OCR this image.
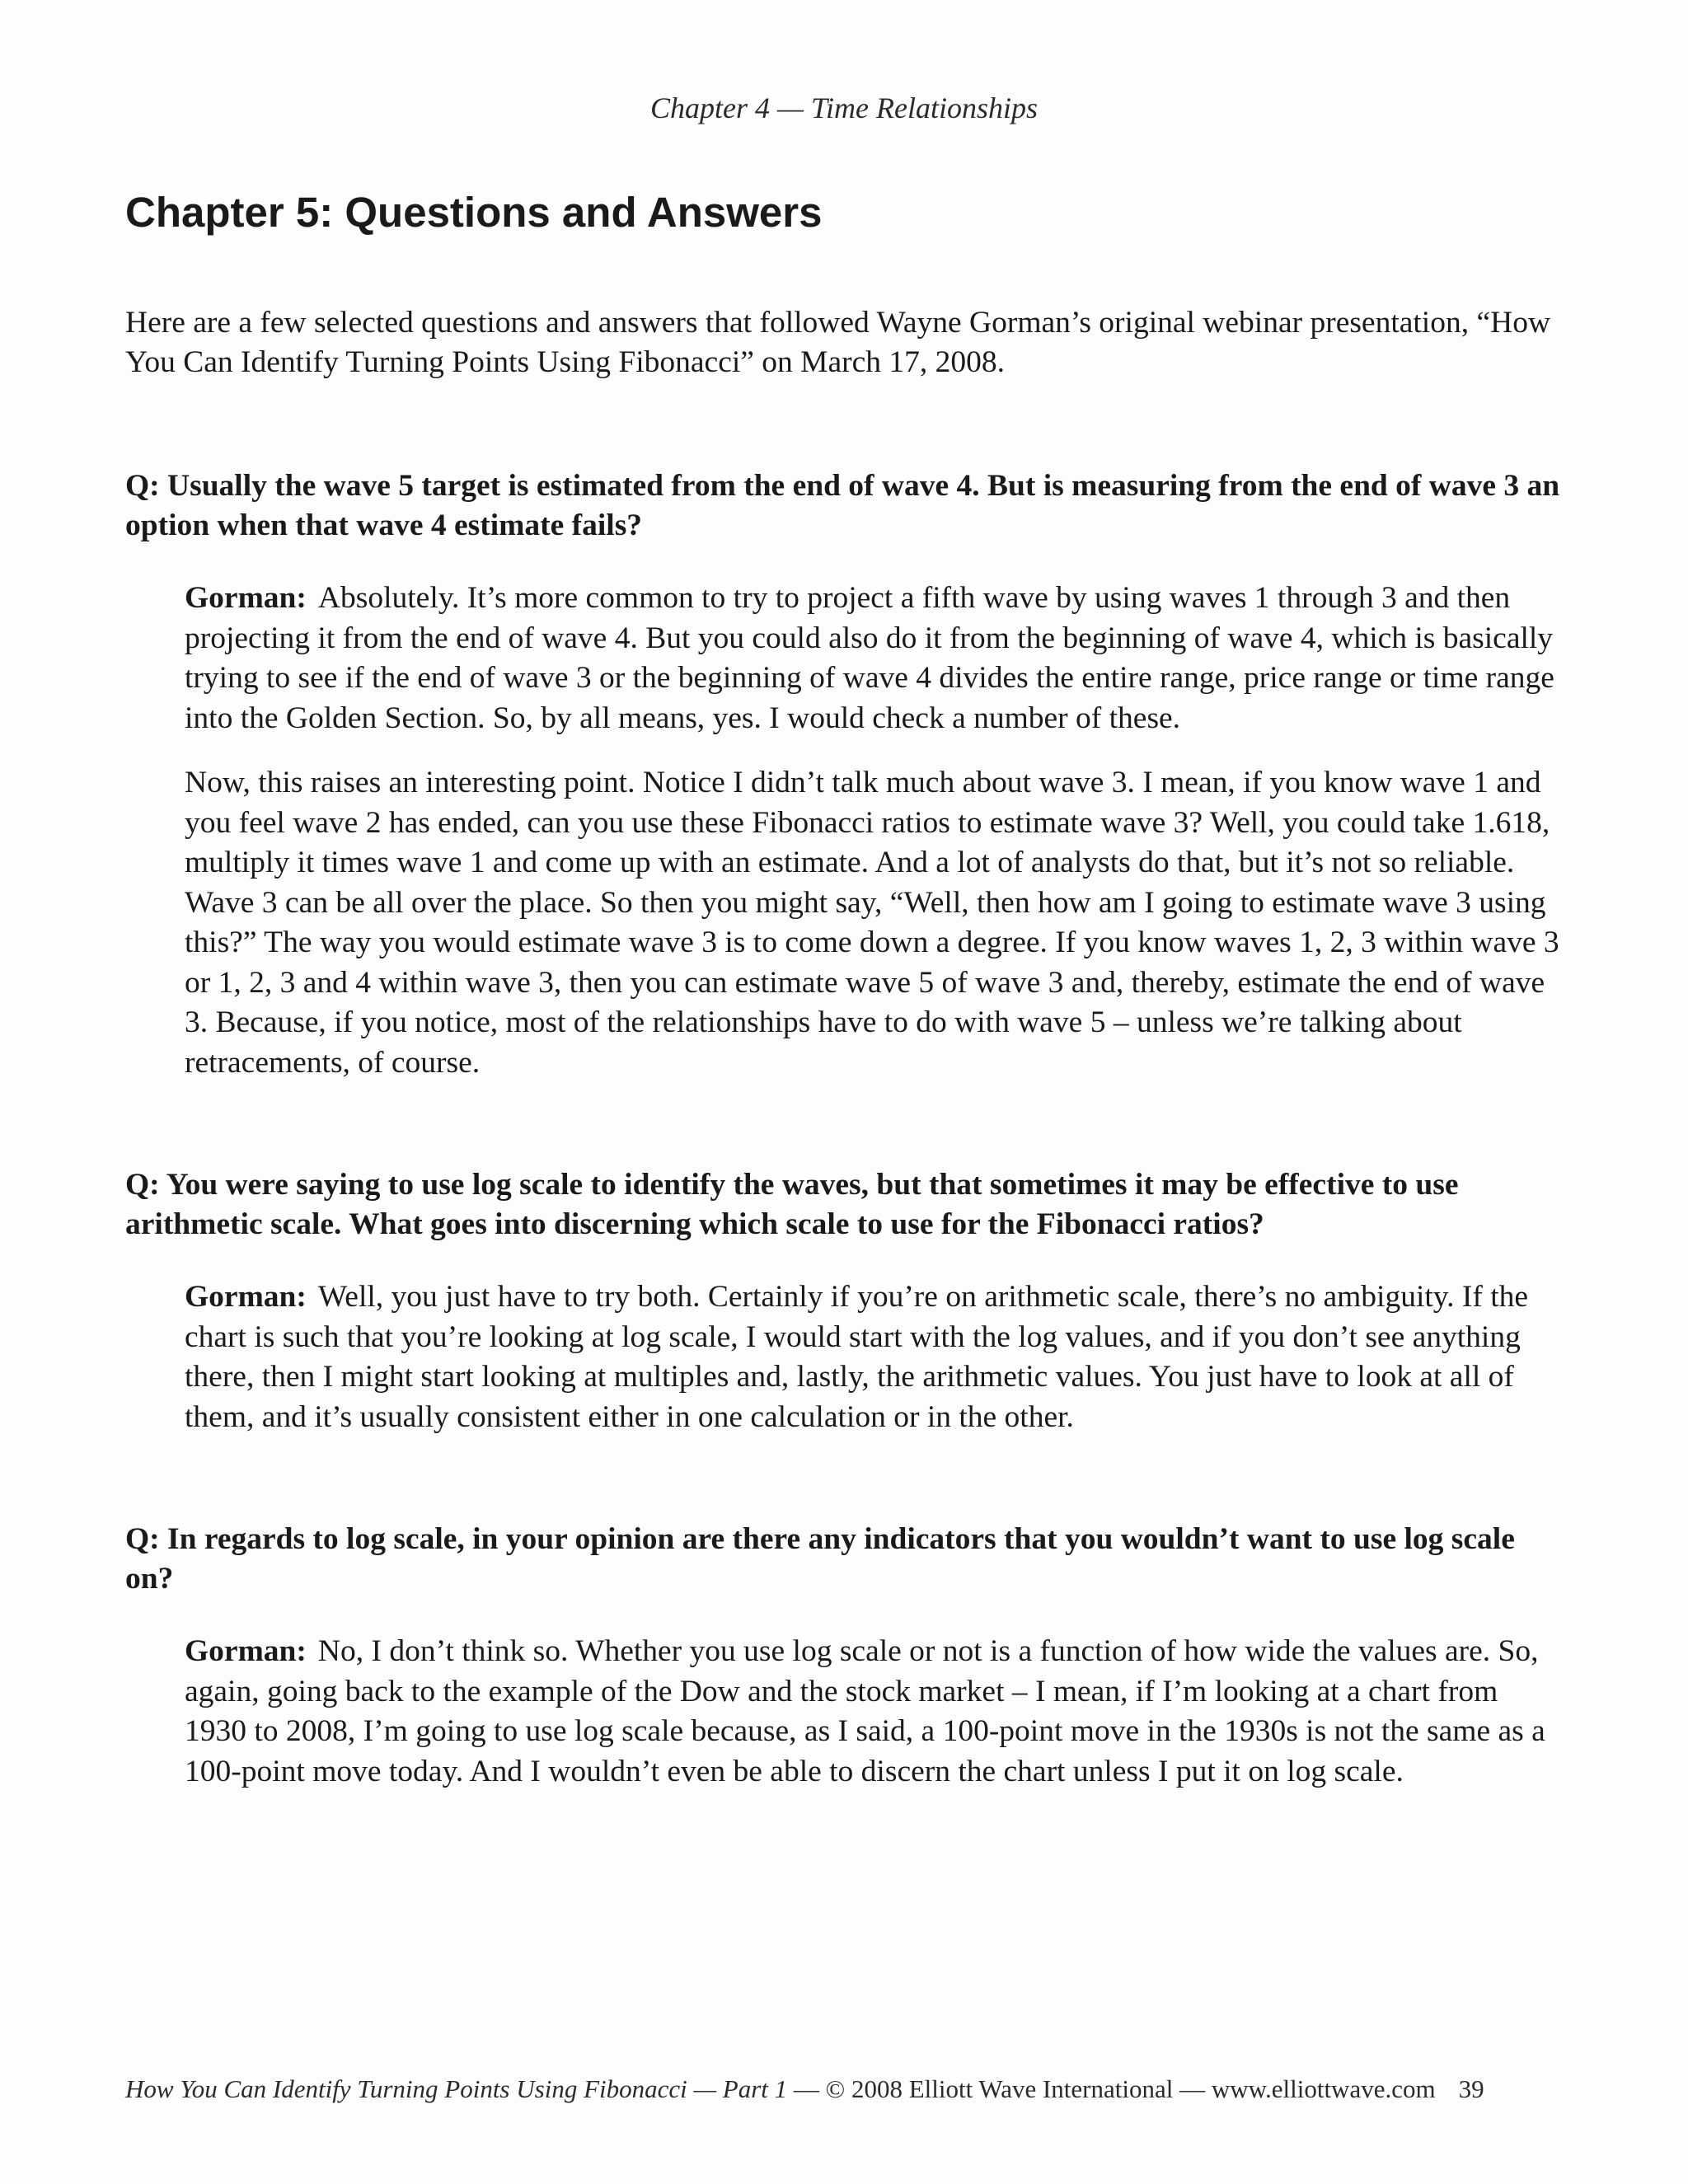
Chapter 4 — Time Relationships
Chapter 5: Questions and Answers

Here are a few selected questions and answers that followed Wayne Gorman’s original webinar presentation, “How You Can Identify Turning Points Using Fibonacci” on March 17, 2008.

Q: Usually the wave 5 target is estimated from the end of wave 4. But is measuring from the end of wave 3 an option when that wave 4 estimate fails?

Gorman: Absolutely. It’s more common to try to project a fifth wave by using waves 1 through 3 and then projecting it from the end of wave 4. But you could also do it from the beginning of wave 4, which is basically trying to see if the end of wave 3 or the beginning of wave 4 divides the entire range, price range or time range into the Golden Section. So, by all means, yes. I would check a number of these.

Now, this raises an interesting point. Notice I didn’t talk much about wave 3. I mean, if you know wave 1 and you feel wave 2 has ended, can you use these Fibonacci ratios to estimate wave 3? Well, you could take 1.618, multiply it times wave 1 and come up with an estimate. And a lot of analysts do that, but it’s not so reliable. Wave 3 can be all over the place. So then you might say, “Well, then how am I going to estimate wave 3 using this?” The way you would estimate wave 3 is to come down a degree. If you know waves 1, 2, 3 within wave 3 or 1, 2, 3 and 4 within wave 3, then you can estimate wave 5 of wave 3 and, thereby, estimate the end of wave 3. Because, if you notice, most of the relationships have to do with wave 5 – unless we’re talking about retracements, of course.

Q: You were saying to use log scale to identify the waves, but that sometimes it may be effective to use arithmetic scale. What goes into discerning which scale to use for the Fibonacci ratios?

Gorman: Well, you just have to try both. Certainly if you’re on arithmetic scale, there’s no ambiguity. If the chart is such that you’re looking at log scale, I would start with the log values, and if you don’t see anything there, then I might start looking at multiples and, lastly, the arithmetic values. You just have to look at all of them, and it’s usually consistent either in one calculation or in the other.

Q: In regards to log scale, in your opinion are there any indicators that you wouldn’t want to use log scale on?

Gorman: No, I don’t think so. Whether you use log scale or not is a function of how wide the values are. So, again, going back to the example of the Dow and the stock market – I mean, if I’m looking at a chart from 1930 to 2008, I’m going to use log scale because, as I said, a 100-point move in the 1930s is not the same as a 100-point move today. And I wouldn’t even be able to discern the chart unless I put it on log scale.

How You Can Identify Turning Points Using Fibonacci — Part 1 — © 2008 Elliott Wave International — www.elliottwave.com 39
